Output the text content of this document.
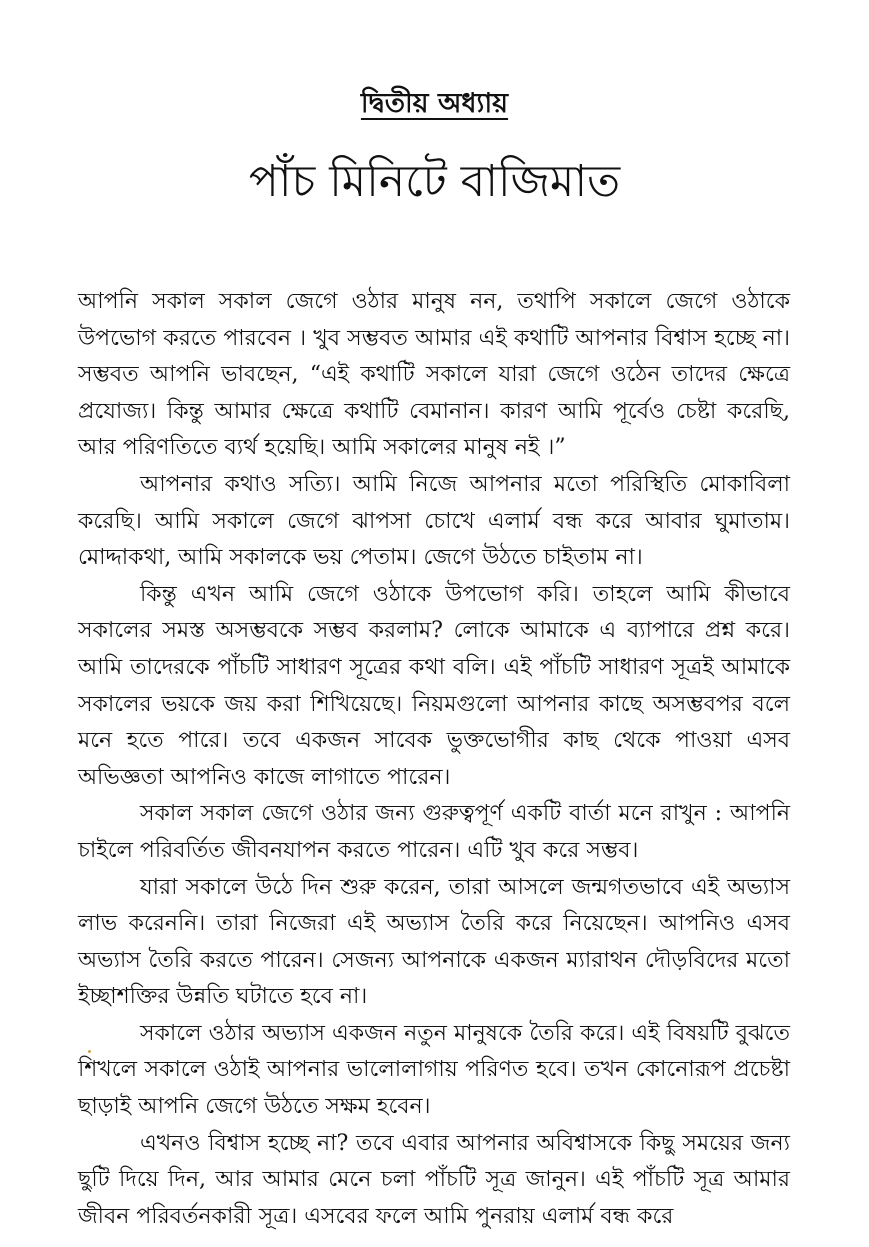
দ্বিতীয় অধ্যায়
পাঁচ মিনিটে বাজিমাত

আপনি সকাল সকাল জেগে ওঠার মানুষ নন, তথাপি সকালে জেগে ওঠাকে উপভোগ করতে পারবেন । খুব সম্ভবত আমার এই কথাটি আপনার বিশ্বাস হচ্ছে না। সম্ভবত আপনি ভাবছেন, “এই কথাটি সকালে যারা জেগে ওঠেন তাদের ক্ষেত্রে প্রযোজ্য। কিন্তু আমার ক্ষেত্রে কথাটি বেমানান। কারণ আমি পূর্বেও চেষ্টা করেছি, আর পরিণতিতে ব্যর্থ হয়েছি। আমি সকালের মানুষ নই ।”

আপনার কথাও সত্যি। আমি নিজে আপনার মতো পরিস্থিতি মোকাবিলা করেছি। আমি সকালে জেগে ঝাপসা চোখে এলার্ম বন্ধ করে আবার ঘুমাতাম। মোদ্দাকথা, আমি সকালকে ভয় পেতাম। জেগে উঠতে চাইতাম না।

কিন্তু এখন আমি জেগে ওঠাকে উপভোগ করি। তাহলে আমি কীভাবে সকালের সমস্ত অসম্ভবকে সম্ভব করলাম? লোকে আমাকে এ ব্যাপারে প্রশ্ন করে। আমি তাদেরকে পাঁচটি সাধারণ সূত্রের কথা বলি। এই পাঁচটি সাধারণ সূত্রই আমাকে সকালের ভয়কে জয় করা শিখিয়েছে। নিয়মগুলো আপনার কাছে অসম্ভবপর বলে মনে হতে পারে। তবে একজন সাবেক ভুক্তভোগীর কাছ থেকে পাওয়া এসব অভিজ্ঞতা আপনিও কাজে লাগাতে পারেন।

সকাল সকাল জেগে ওঠার জন্য গুরুত্বপূর্ণ একটি বার্তা মনে রাখুন : আপনি চাইলে পরিবর্তিত জীবনযাপন করতে পারেন। এটি খুব করে সম্ভব।

যারা সকালে উঠে দিন শুরু করেন, তারা আসলে জন্মগতভাবে এই অভ্যাস লাভ করেননি। তারা নিজেরা এই অভ্যাস তৈরি করে নিয়েছেন। আপনিও এসব অভ্যাস তৈরি করতে পারেন। সেজন্য আপনাকে একজন ম্যারাথন দৌড়বিদের মতো ইচ্ছাশক্তির উন্নতি ঘটাতে হবে না।

সকালে ওঠার অভ্যাস একজন নতুন মানুষকে তৈরি করে। এই বিষয়টি বুঝতে শিখলে সকালে ওঠাই আপনার ভালোলাগায় পরিণত হবে। তখন কোনোরূপ প্রচেষ্টা ছাড়াই আপনি জেগে উঠতে সক্ষম হবেন।

এখনও বিশ্বাস হচ্ছে না? তবে এবার আপনার অবিশ্বাসকে কিছু সময়ের জন্য ছুটি দিয়ে দিন, আর আমার মেনে চলা পাঁচটি সূত্র জানুন। এই পাঁচটি সূত্র আমার জীবন পরিবর্তনকারী সূত্র। এসবের ফলে আমি পুনরায় এলার্ম বন্ধ করে
